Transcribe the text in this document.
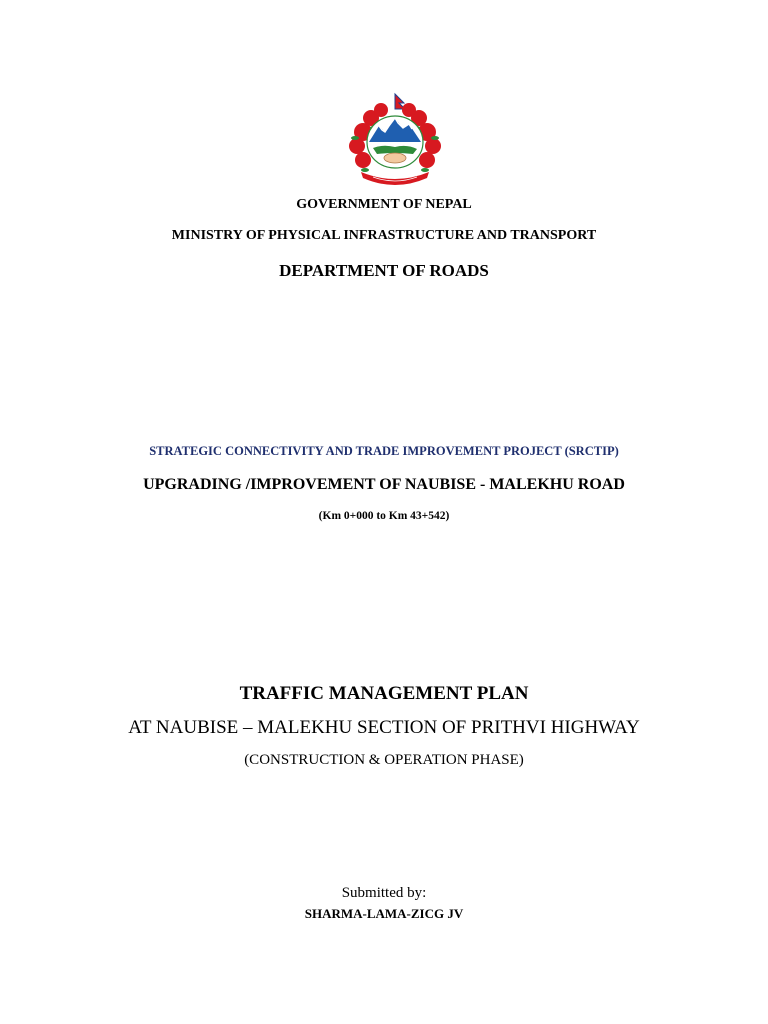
GOVERNMENT OF NEPAL
MINISTRY OF PHYSICAL INFRASTRUCTURE AND TRANSPORT
DEPARTMENT OF ROADS
STRATEGIC CONNECTIVITY AND TRADE IMPROVEMENT PROJECT (SRCTIP)
UPGRADING /IMPROVEMENT OF NAUBISE - MALEKHU ROAD
(Km 0+000 to Km 43+542)
TRAFFIC MANAGEMENT PLAN
AT NAUBISE – MALEKHU SECTION OF PRITHVI HIGHWAY
(CONSTRUCTION & OPERATION PHASE)
Submitted by:
SHARMA-LAMA-ZICG JV
